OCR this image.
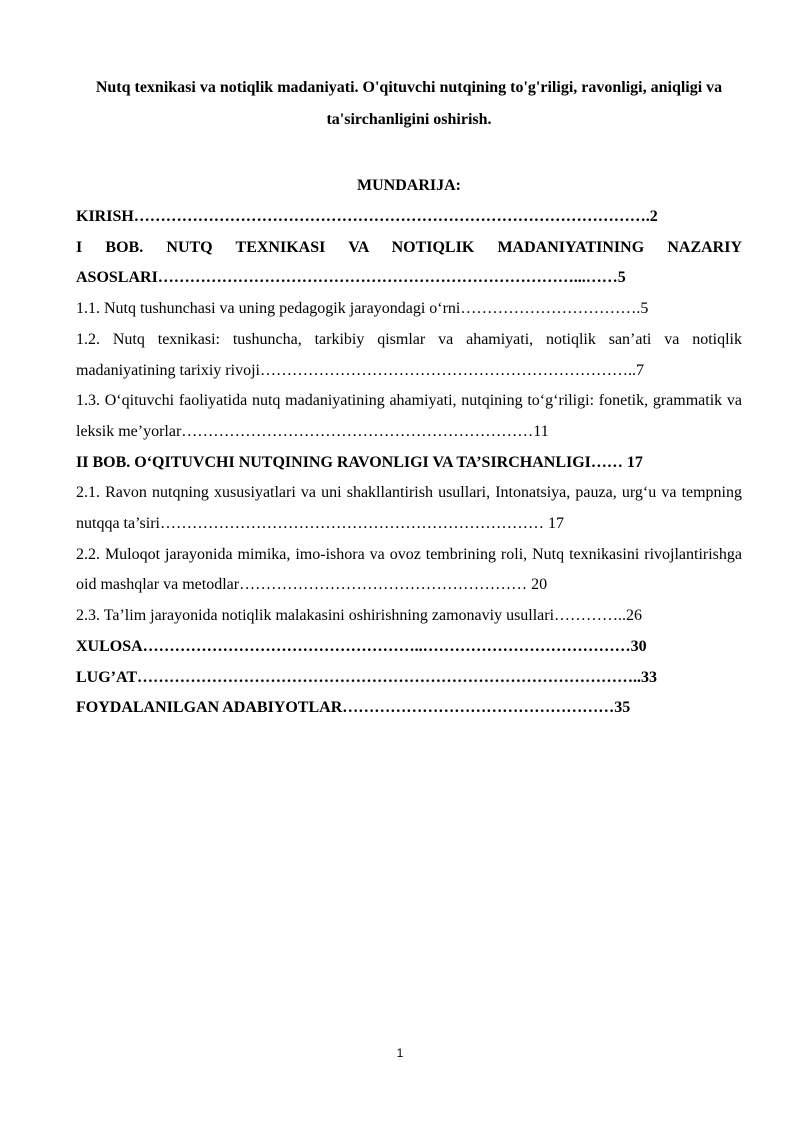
Nutq texnikasi va notiqlik madaniyati. O'qituvchi nutqining to'g'riligi, ravonligi, aniqligi va ta'sirchanligini oshirish.
MUNDARIJA:
KIRISH…………………………………………………………………………………….2
I BOB. NUTQ TEXNIKASI VA NOTIQLIK MADANIYATINING NAZARIY ASOSLARI……………………………………………………………………...……5
1.1. Nutq tushunchasi va uning pedagogik jarayondagi o‘rni…………………………….5
1.2. Nutq texnikasi: tushuncha, tarkibiy qismlar va ahamiyati, notiqlik san’ati va notiqlik madaniyatining tarixiy rivoji……………………………………………………………..7
1.3. O‘qituvchi faoliyatida nutq madaniyatining ahamiyati, nutqining to‘g‘riligi: fonetik, grammatik va leksik me’yorlar…………………………………………………………11
II BOB. O‘QITUVCHI NUTQINING RAVONLIGI VA TA’SIRCHANLIGI…… 17
2.1. Ravon nutqning xususiyatlari va uni shakllantirish usullari, Intonatsiya, pauza, urg‘u va tempning nutqqa ta’siri……………………………………………………………… 17
2.2. Muloqot jarayonida mimika, imo-ishora va ovoz tembrining roli, Nutq texnikasini rivojlantirishga oid mashqlar va metodlar……………………………………………… 20
2.3. Ta’lim jarayonida notiqlik malakasini oshirishning zamonaviy usullari…………..26
XULOSA……………………………………………..…………………………………30
LUG’AT…………………………………………………………………………………..33
FOYDALANILGAN ADABIYOTLAR……………………………………………35
1
